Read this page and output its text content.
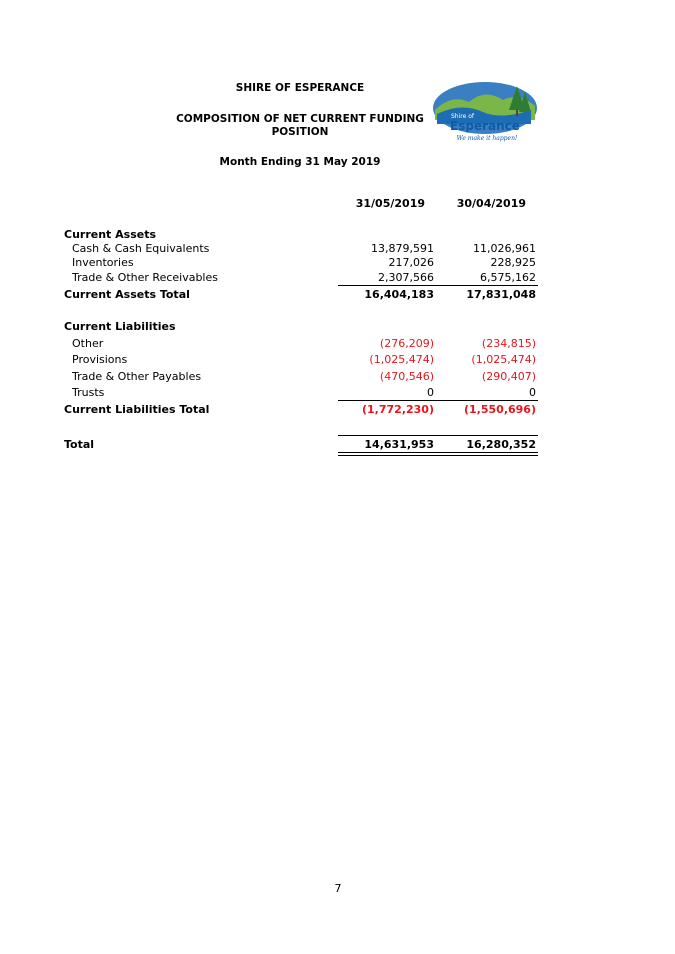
SHIRE OF ESPERANCE
COMPOSITION OF NET CURRENT FUNDING
POSITION
Month Ending 31 May 2019
Shire of
Esperance
We make it happen!
31/05/2019	30/04/2019
Current Assets
Cash & Cash Equivalents	13,879,591	11,026,961
Inventories	217,026	228,925
Trade & Other Receivables	2,307,566	6,575,162
Current Assets Total	16,404,183	17,831,048
Current Liabilities
Other	(276,209)	(234,815)
Provisions	(1,025,474)	(1,025,474)
Trade & Other Payables	(470,546)	(290,407)
Trusts	0	0
Current Liabilities Total	(1,772,230)	(1,550,696)
Total	14,631,953	16,280,352
7
